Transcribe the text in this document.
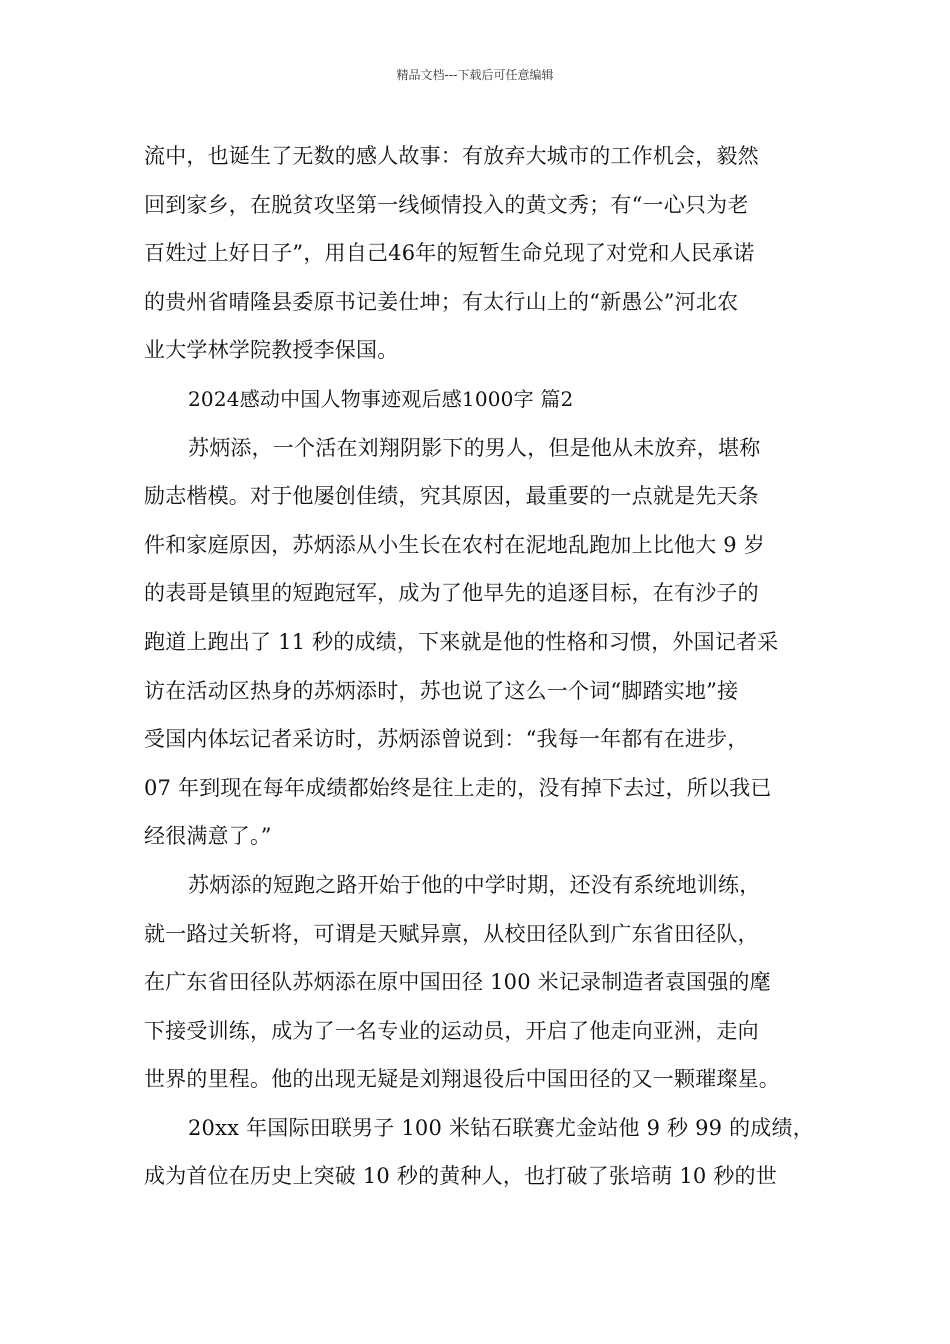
精品文档---下载后可任意编辑
流中，也诞生了无数的感人故事：有放弃大城市的工作机会，毅然
回到家乡，在脱贫攻坚第一线倾情投入的黄文秀；有“一心只为老
百姓过上好日子”，用自己46年的短暂生命兑现了对党和人民承诺
的贵州省晴隆县委原书记姜仕坤；有太行山上的“新愚公”河北农
业大学林学院教授李保国。
2024感动中国人物事迹观后感1000字 篇2
苏炳添，一个活在刘翔阴影下的男人，但是他从未放弃，堪称
励志楷模。对于他屡创佳绩，究其原因，最重要的一点就是先天条
件和家庭原因，苏炳添从小生长在农村在泥地乱跑加上比他大 9 岁
的表哥是镇里的短跑冠军，成为了他早先的追逐目标，在有沙子的
跑道上跑出了 11 秒的成绩，下来就是他的性格和习惯，外国记者采
访在活动区热身的苏炳添时，苏也说了这么一个词“脚踏实地”接
受国内体坛记者采访时，苏炳添曾说到：“我每一年都有在进步，
07 年到现在每年成绩都始终是往上走的，没有掉下去过，所以我已
经很满意了。”
苏炳添的短跑之路开始于他的中学时期，还没有系统地训练，
就一路过关斩将，可谓是天赋异禀，从校田径队到广东省田径队，
在广东省田径队苏炳添在原中国田径 100 米记录制造者袁国强的麾
下接受训练，成为了一名专业的运动员，开启了他走向亚洲，走向
世界的里程。他的出现无疑是刘翔退役后中国田径的又一颗璀璨星。
20xx 年国际田联男子 100 米钻石联赛尤金站他 9 秒 99 的成绩，
成为首位在历史上突破 10 秒的黄种人，也打破了张培萌 10 秒的世
